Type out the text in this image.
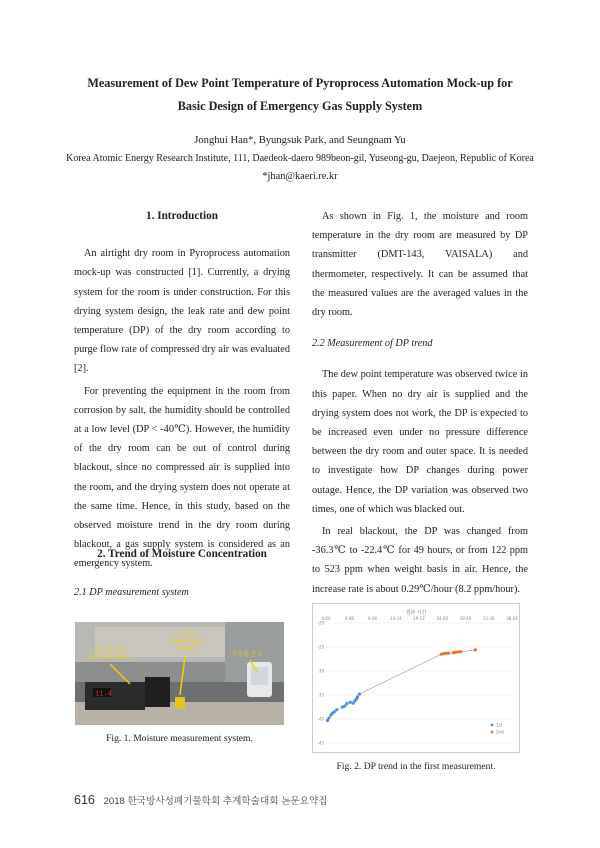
Measurement of Dew Point Temperature of Pyroprocess Automation Mock-up for
Basic Design of Emergency Gas Supply System
Jonghui Han*, Byungsuk Park, and Seungnam Yu
Korea Atomic Energy Research Institute, 111, Daedeok-daero 989beon-gil, Yuseong-gu, Daejeon, Republic of Korea
*jhan@kaeri.re.kr

1. Introduction

An airtight dry room in Pyroprocess automation mock-up was constructed [1]. Currently, a drying system for the room is under construction. For this drying system design, the leak rate and dew point temperature (DP) of the dry room according to purge flow rate of compressed dry air was evaluated [2].

For preventing the equipment in the room from corrosion by salt, the humidity should be controlled at a low level (DP < -40℃). However, the humidity of the dry room can be out of control during blackout, since no compressed air is supplied into the room, and the drying system does not operate at the same time. Hence, in this study, based on the observed moisture trend in the dry room during blackout, a gas supply system is considered as an emergency system.

2. Trend of Moisture Concentration
2.1 DP measurement system
11.4
수분 지시계 (DP indicator)
수분계 (Dew Point Temp.)
기밀룸 온도
Fig. 1. Moisture measurement system.

As shown in Fig. 1, the moisture and room temperature in the dry room are measured by DP transmitter (DMT-143, VAISALA) and thermometer, respectively. It can be assumed that the measured values are the averaged values in the dry room.

2.2 Measurement of DP trend

The dew point temperature was observed twice in this paper. When no dry air is supplied and the drying system does not work, the DP is expected to be increased even under no pressure difference between the dry room and outer space. It is needed to investigate how DP changes during power outage. Hence, the DP variation was observed two times, one of which was blacked out.

In real blackout, the DP was changed from -36.3℃ to -22.4℃ for 49 hours, or from 122 ppm to 523 ppm when weight basis in air. Hence, the increase rate is about 0.29℃/hour (8.2 ppm/hour).

경과 시간
-20
-25
-30
-35
-40
-45
0:00	4:48	9:36	14:24	19:12	24:00	28:48	33:36	38:24
1st
2nd
Fig. 2. DP trend in the first measurement.
616 2018 한국방사성폐기물학회 추계학술대회 논문요약집
